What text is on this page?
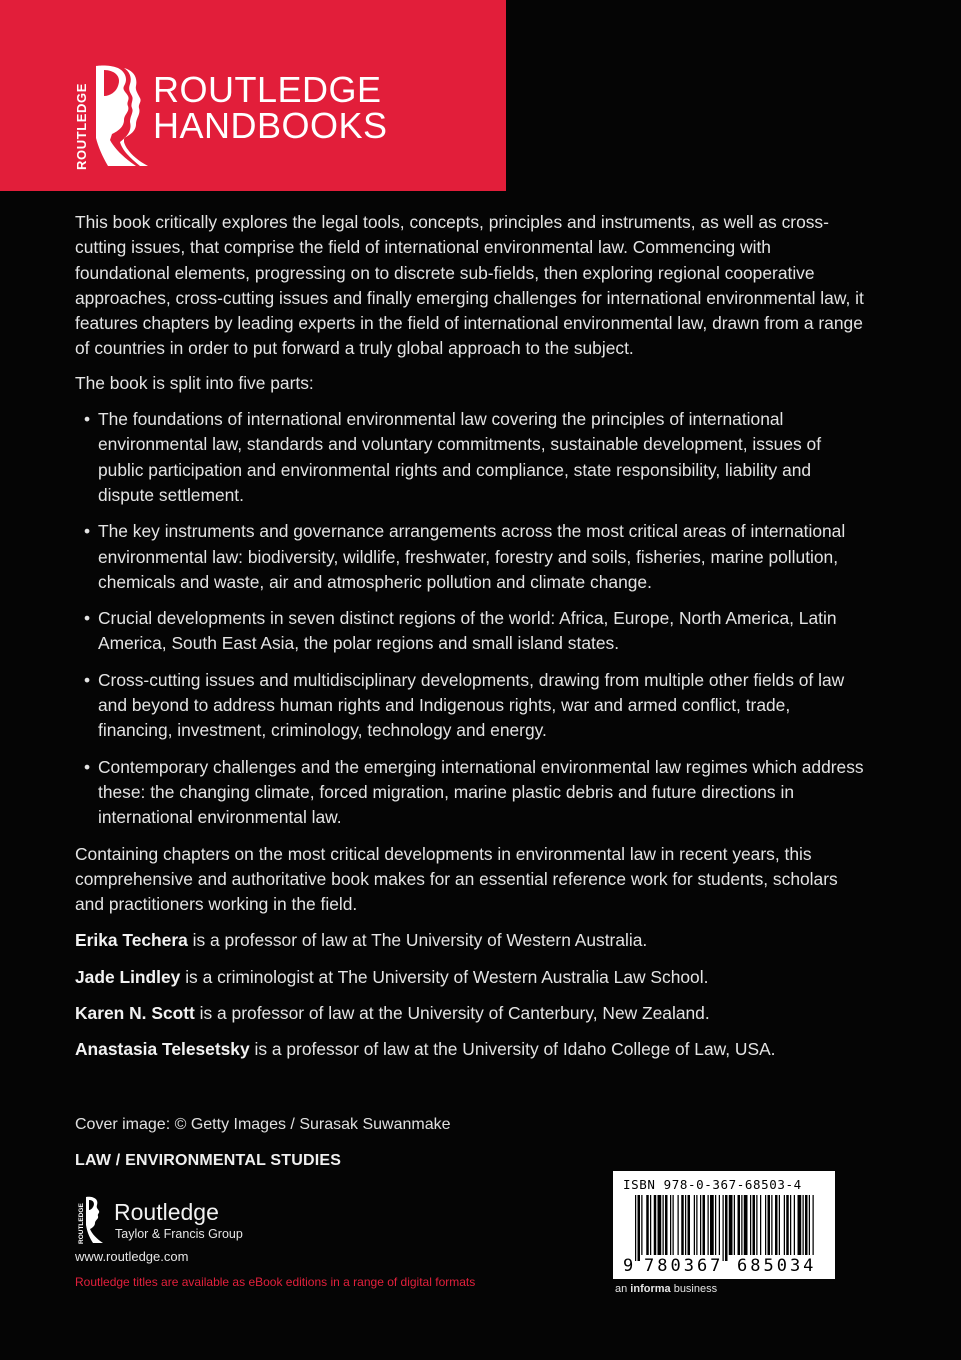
ROUTLEDGE ROUTLEDGE HANDBOOKS

This book critically explores the legal tools, concepts, principles and instruments, as well as cross-cutting issues, that comprise the field of international environmental law. Commencing with foundational elements, progressing on to discrete sub-fields, then exploring regional cooperative approaches, cross-cutting issues and finally emerging challenges for international environmental law, it features chapters by leading experts in the field of international environmental law, drawn from a range of countries in order to put forward a truly global approach to the subject.

The book is split into five parts:

• The foundations of international environmental law covering the principles of international environmental law, standards and voluntary commitments, sustainable development, issues of public participation and environmental rights and compliance, state responsibility, liability and dispute settlement.
• The key instruments and governance arrangements across the most critical areas of international environmental law: biodiversity, wildlife, freshwater, forestry and soils, fisheries, marine pollution, chemicals and waste, air and atmospheric pollution and climate change.
• Crucial developments in seven distinct regions of the world: Africa, Europe, North America, Latin America, South East Asia, the polar regions and small island states.
• Cross-cutting issues and multidisciplinary developments, drawing from multiple other fields of law and beyond to address human rights and Indigenous rights, war and armed conflict, trade, financing, investment, criminology, technology and energy.
• Contemporary challenges and the emerging international environmental law regimes which address these: the changing climate, forced migration, marine plastic debris and future directions in international environmental law.

Containing chapters on the most critical developments in environmental law in recent years, this comprehensive and authoritative book makes for an essential reference work for students, scholars and practitioners working in the field.

Erika Techera is a professor of law at The University of Western Australia.

Jade Lindley is a criminologist at The University of Western Australia Law School.

Karen N. Scott is a professor of law at the University of Canterbury, New Zealand.

Anastasia Telesetsky is a professor of law at the University of Idaho College of Law, USA.

Cover image: © Getty Images / Surasak Suwanmake
LAW / ENVIRONMENTAL STUDIES
ROUTLEDGE Routledge
Taylor & Francis Group
www.routledge.com
Routledge titles are available as eBook editions in a range of digital formats
ISBN 978-0-367-68503-4
9 780367 685034
an informa business
